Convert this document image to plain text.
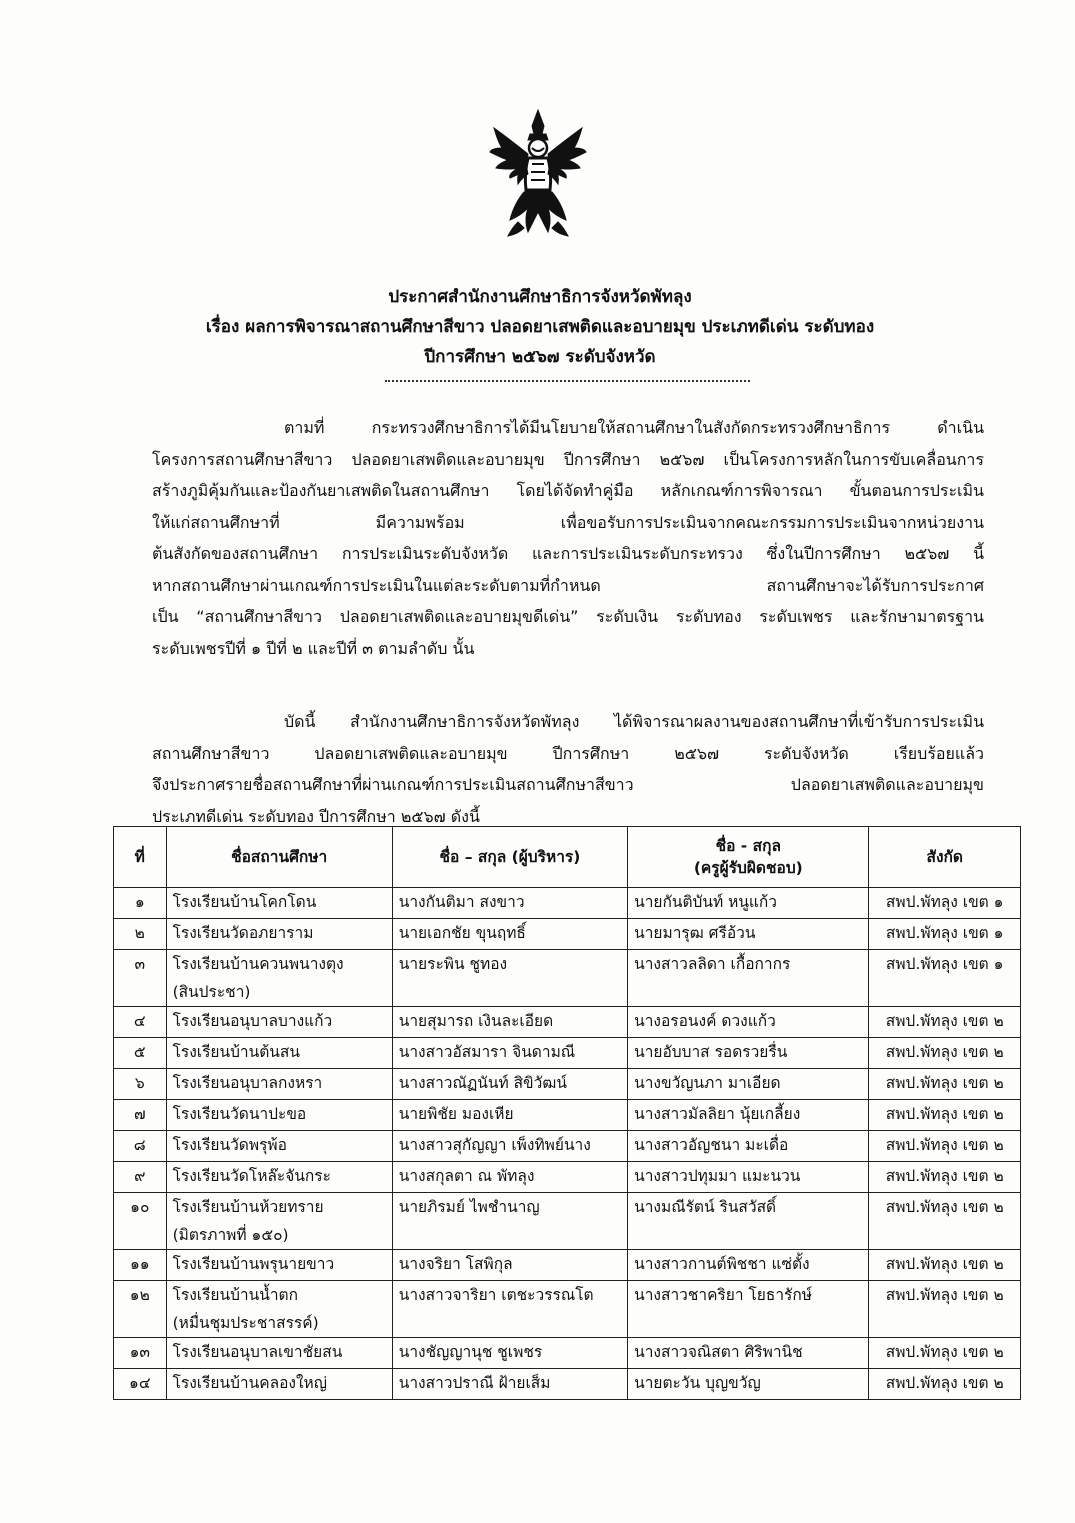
ประกาศสำนักงานศึกษาธิการจังหวัดพัทลุง
เรื่อง ผลการพิจารณาสถานศึกษาสีขาว ปลอดยาเสพติดและอบายมุข ประเภทดีเด่น ระดับทอง
ปีการศึกษา ๒๕๖๗ ระดับจังหวัด
ตามที่ กระทรวงศึกษาธิการได้มีนโยบายให้สถานศึกษาในสังกัดกระทรวงศึกษาธิการ ดำเนิน
โครงการสถานศึกษาสีขาว ปลอดยาเสพติดและอบายมุข ปีการศึกษา ๒๕๖๗ เป็นโครงการหลักในการขับเคลื่อนการ
สร้างภูมิคุ้มกันและป้องกันยาเสพติดในสถานศึกษา โดยได้จัดทำคู่มือ หลักเกณฑ์การพิจารณา ขั้นตอนการประเมิน
ให้แก่สถานศึกษาที่ มีความพร้อม เพื่อขอรับการประเมินจากคณะกรรมการประเมินจากหน่วยงาน
ต้นสังกัดของสถานศึกษา การประเมินระดับจังหวัด และการประเมินระดับกระทรวง ซึ่งในปีการศึกษา ๒๕๖๗ นี้
หากสถานศึกษาผ่านเกณฑ์การประเมินในแต่ละระดับตามที่กำหนด สถานศึกษาจะได้รับการประกาศ
เป็น “สถานศึกษาสีขาว ปลอดยาเสพติดและอบายมุขดีเด่น” ระดับเงิน ระดับทอง ระดับเพชร และรักษามาตรฐาน
ระดับเพชรปีที่ ๑ ปีที่ ๒ และปีที่ ๓ ตามลำดับ นั้น
บัดนี้ สำนักงานศึกษาธิการจังหวัดพัทลุง ได้พิจารณาผลงานของสถานศึกษาที่เข้ารับการประเมิน
สถานศึกษาสีขาว ปลอดยาเสพติดและอบายมุข ปีการศึกษา ๒๕๖๗ ระดับจังหวัด เรียบร้อยแล้ว
จึงประกาศรายชื่อสถานศึกษาที่ผ่านเกณฑ์การประเมินสถานศึกษาสีขาว ปลอดยาเสพติดและอบายมุข
ประเภทดีเด่น ระดับทอง ปีการศึกษา ๒๕๖๗ ดังนี้
ที่	ชื่อสถานศึกษา	ชื่อ – สกุล (ผู้บริหาร)	ชื่อ - สกุล
(ครูผู้รับผิดชอบ)	สังกัด
๑	โรงเรียนบ้านโคกโดน	นางกันติมา สงขาว	นายกันติบันท์ หนูแก้ว	สพป.พัทลุง เขต ๑
๒	โรงเรียนวัดอภยาราม	นายเอกชัย ขุนฤทธิ์	นายมารุฒ ศรีอ้วน	สพป.พัทลุง เขต ๑
๓	โรงเรียนบ้านควนพนางตุง
(สินประชา)	นายระพิน ชูทอง	นางสาวลลิดา เกื้อกากร	สพป.พัทลุง เขต ๑
๔	โรงเรียนอนุบาลบางแก้ว	นายสุมารถ เงินละเอียด	นางอรอนงค์ ดวงแก้ว	สพป.พัทลุง เขต ๒
๕	โรงเรียนบ้านต้นสน	นางสาวอัสมารา จินดามณี	นายอับบาส รอดรวยรื่น	สพป.พัทลุง เขต ๒
๖	โรงเรียนอนุบาลกงหรา	นางสาวณัฏนันท์ สิขิวัฒน์	นางขวัญนภา มาเอียด	สพป.พัทลุง เขต ๒
๗	โรงเรียนวัดนาปะขอ	นายพิชัย มองเหีย	นางสาวมัลลิยา นุ้ยเกลี้ยง	สพป.พัทลุง เขต ๒
๘	โรงเรียนวัดพรุพ้อ	นางสาวสุกัญญา เพ็งทิพย์นาง	นางสาวอัญชนา มะเดื่อ	สพป.พัทลุง เขต ๒
๙	โรงเรียนวัดโหล๊ะจันกระ	นางสกุลตา ณ พัทลุง	นางสาวปทุมมา แมะนวน	สพป.พัทลุง เขต ๒
๑๐	โรงเรียนบ้านห้วยทราย
(มิตรภาพที่ ๑๕๐)	นายภิรมย์ ไพชำนาญ	นางมณีรัตน์ รินสวัสดิ์	สพป.พัทลุง เขต ๒
๑๑	โรงเรียนบ้านพรุนายขาว	นางจริยา โสพิกุล	นางสาวกานต์พิชชา แซ่ตั้ง	สพป.พัทลุง เขต ๒
๑๒	โรงเรียนบ้านน้ำตก
(หมื่นชุมประชาสรรค์)	นางสาวจาริยา เตชะวรรณโต	นางสาวชาคริยา โยธารักษ์	สพป.พัทลุง เขต ๒
๑๓	โรงเรียนอนุบาลเขาชัยสน	นางชัญญานุช ชูเพชร	นางสาวจณิสตา ศิริพานิช	สพป.พัทลุง เขต ๒
๑๔	โรงเรียนบ้านคลองใหญ่	นางสาวปราณี ฝ้ายเส็ม	นายตะวัน บุญขวัญ	สพป.พัทลุง เขต ๒
